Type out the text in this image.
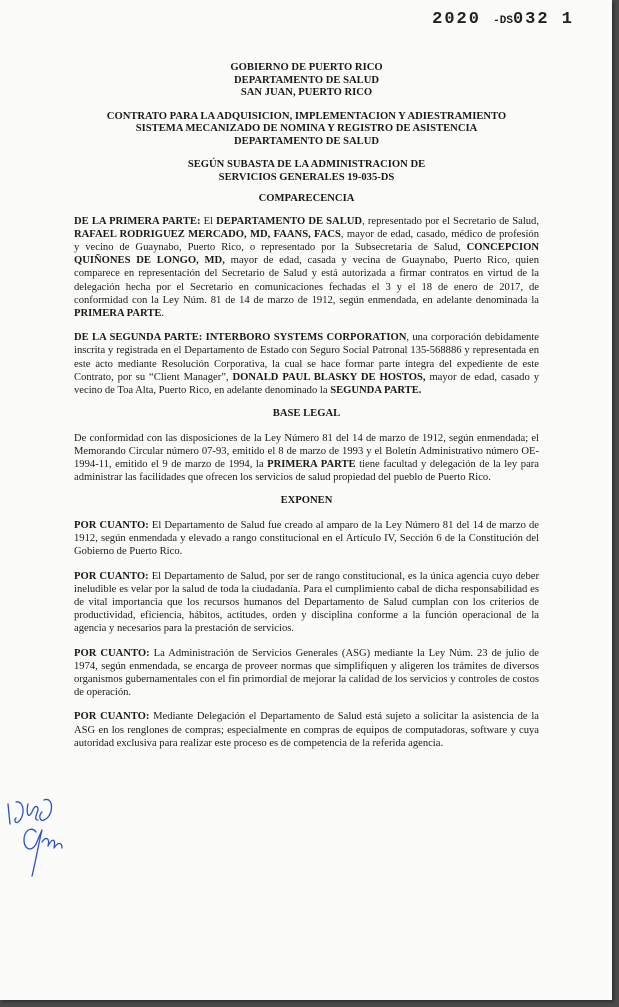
2020 -DS032 1
GOBIERNO DE PUERTO RICO
DEPARTAMENTO DE SALUD
SAN JUAN, PUERTO RICO
CONTRATO PARA LA ADQUISICION, IMPLEMENTACION Y ADIESTRAMIENTO
SISTEMA MECANIZADO DE NOMINA Y REGISTRO DE ASISTENCIA
DEPARTAMENTO DE SALUD
SEGÚN SUBASTA DE LA ADMINISTRACION DE
SERVICIOS GENERALES 19-035-DS
COMPARECENCIA
DE LA PRIMERA PARTE: El DEPARTAMENTO DE SALUD, representado por el Secretario de Salud, RAFAEL RODRIGUEZ MERCADO, MD, FAANS, FACS, mayor de edad, casado, médico de profesión y vecino de Guaynabo, Puerto Rico, o representado por la Subsecretaria de Salud, CONCEPCION QUIÑONES DE LONGO, MD, mayor de edad, casada y vecina de Guaynabo, Puerto Rico, quien comparece en representación del Secretario de Salud y está autorizada a firmar contratos en virtud de la delegación hecha por el Secretario en comunicaciones fechadas el 3 y el 18 de enero de 2017, de conformidad con la Ley Núm. 81 de 14 de marzo de 1912, según enmendada, en adelante denominada la PRIMERA PARTE.
DE LA SEGUNDA PARTE: INTERBORO SYSTEMS CORPORATION, una corporación debidamente inscrita y registrada en el Departamento de Estado con Seguro Social Patronal 135-568886 y representada en este acto mediante Resolución Corporativa, la cual se hace formar parte íntegra del expediente de este Contrato, por su “Client Manager”, DONALD PAUL BLASKY DE HOSTOS, mayor de edad, casado y vecino de Toa Alta, Puerto Rico, en adelante denominado la SEGUNDA PARTE.
BASE LEGAL
De conformidad con las disposiciones de la Ley Número 81 del 14 de marzo de 1912, según enmendada; el Memorando Circular número 07-93, emitido el 8 de marzo de 1993 y el Boletín Administrativo número OE-1994-11, emitido el 9 de marzo de 1994, la PRIMERA PARTE tiene facultad y delegación de la ley para administrar las facilidades que ofrecen los servicios de salud propiedad del pueblo de Puerto Rico.
EXPONEN
POR CUANTO: El Departamento de Salud fue creado al amparo de la Ley Número 81 del 14 de marzo de 1912, según enmendada y elevado a rango constitucional en el Artículo IV, Sección 6 de la Constitución del Gobierno de Puerto Rico.
POR CUANTO: El Departamento de Salud, por ser de rango constitucional, es la única agencia cuyo deber ineludible es velar por la salud de toda la ciudadanía. Para el cumplimiento cabal de dicha responsabilidad es de vital importancia que los recursos humanos del Departamento de Salud cumplan con los criterios de productividad, eficiencia, hábitos, actitudes, orden y disciplina conforme a la función operacional de la agencia y necesarios para la prestación de servicios.
POR CUANTO: La Administración de Servicios Generales (ASG) mediante la Ley Núm. 23 de julio de 1974, según enmendada, se encarga de proveer normas que simplifiquen y aligeren los trámites de diversos organismos gubernamentales con el fin primordial de mejorar la calidad de los servicios y controles de costos de operación.
POR CUANTO: Mediante Delegación el Departamento de Salud está sujeto a solicitar la asistencia de la ASG en los renglones de compras; especialmente en compras de equipos de computadoras, software y cuya autoridad exclusiva para realizar este proceso es de competencia de la referida agencia.
